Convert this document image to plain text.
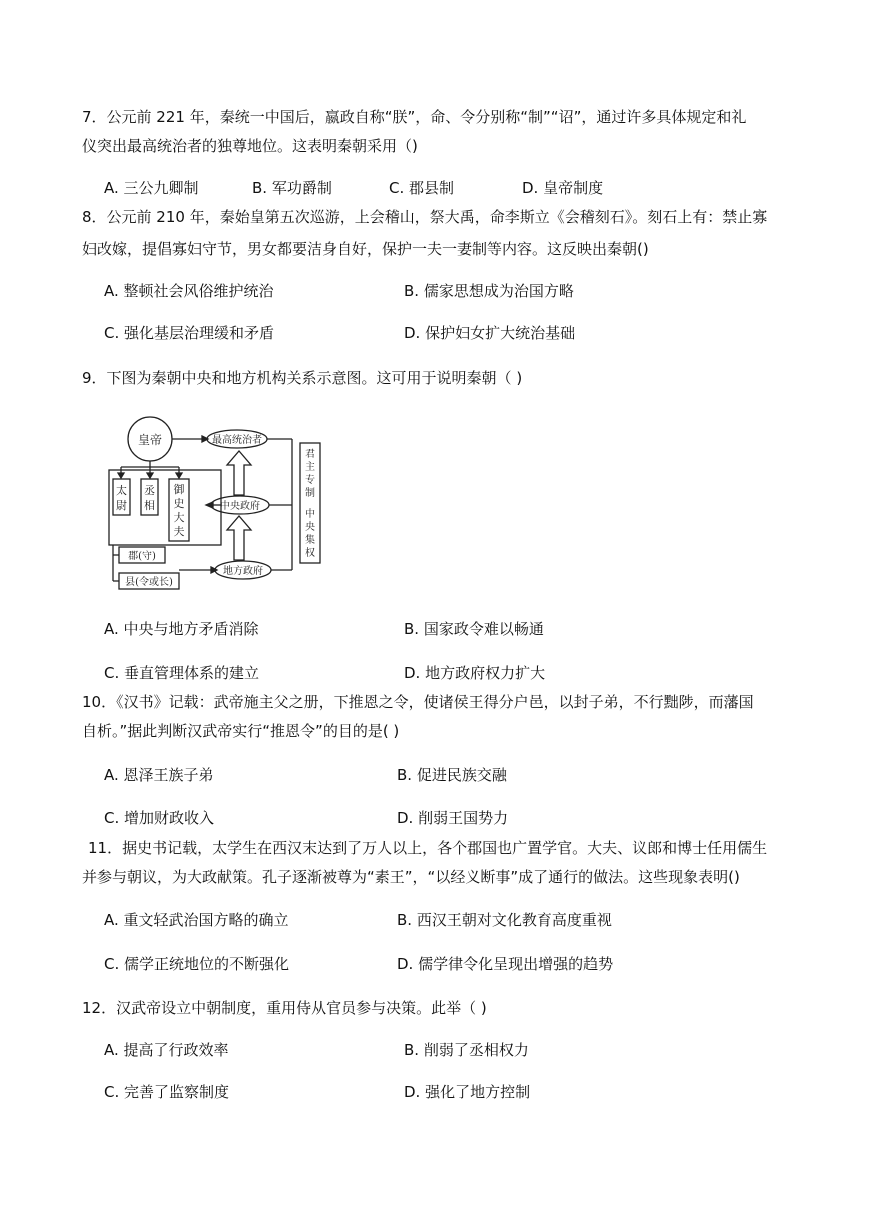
7．公元前 221 年，秦统一中国后，嬴政自称“朕”，命、令分别称“制”“诏”，通过许多具体规定和礼
仪突出最高统治者的独尊地位。这表明秦朝采用（)
A. 三公九卿制	B. 军功爵制	C. 郡县制	D. 皇帝制度
8．公元前 210 年，秦始皇第五次巡游，上会稽山，祭大禹，命李斯立《会稽刻石》。刻石上有：禁止寡
妇改嫁，提倡寡妇守节，男女都要洁身自好，保护一夫一妻制等内容。这反映出秦朝()
A. 整顿社会风俗维护统治	B. 儒家思想成为治国方略
C. 强化基层治理缓和矛盾	D. 保护妇女扩大统治基础
9．下图为秦朝中央和地方机构关系示意图。这可用于说明秦朝（ )
皇帝	最高统治者
中央政府
地方政府
太
尉
丞
相
御
史
大
夫
郡(守)
县(令或长)
君
主
专
制
中
央
集
权
A. 中央与地方矛盾消除	B. 国家政令难以畅通
C. 垂直管理体系的建立	D. 地方政府权力扩大
10．《汉书》记载：武帝施主父之册，下推恩之令，使诸侯王得分户邑，以封子弟，不行黜陟，而藩国
自析。”据此判断汉武帝实行“推恩令”的目的是( )
A. 恩泽王族子弟	B. 促进民族交融
C. 增加财政收入	D. 削弱王国势力
11．据史书记载，太学生在西汉末达到了万人以上，各个郡国也广置学官。大夫、议郎和博士任用儒生
并参与朝议，为大政献策。孔子逐渐被尊为“素王”，“以经义断事”成了通行的做法。这些现象表明()
A. 重文轻武治国方略的确立	B. 西汉王朝对文化教育高度重视
C. 儒学正统地位的不断强化	D. 儒学律令化呈现出增强的趋势
12．汉武帝设立中朝制度，重用侍从官员参与决策。此举（ )
A. 提高了行政效率	B. 削弱了丞相权力
C. 完善了监察制度	D. 强化了地方控制
